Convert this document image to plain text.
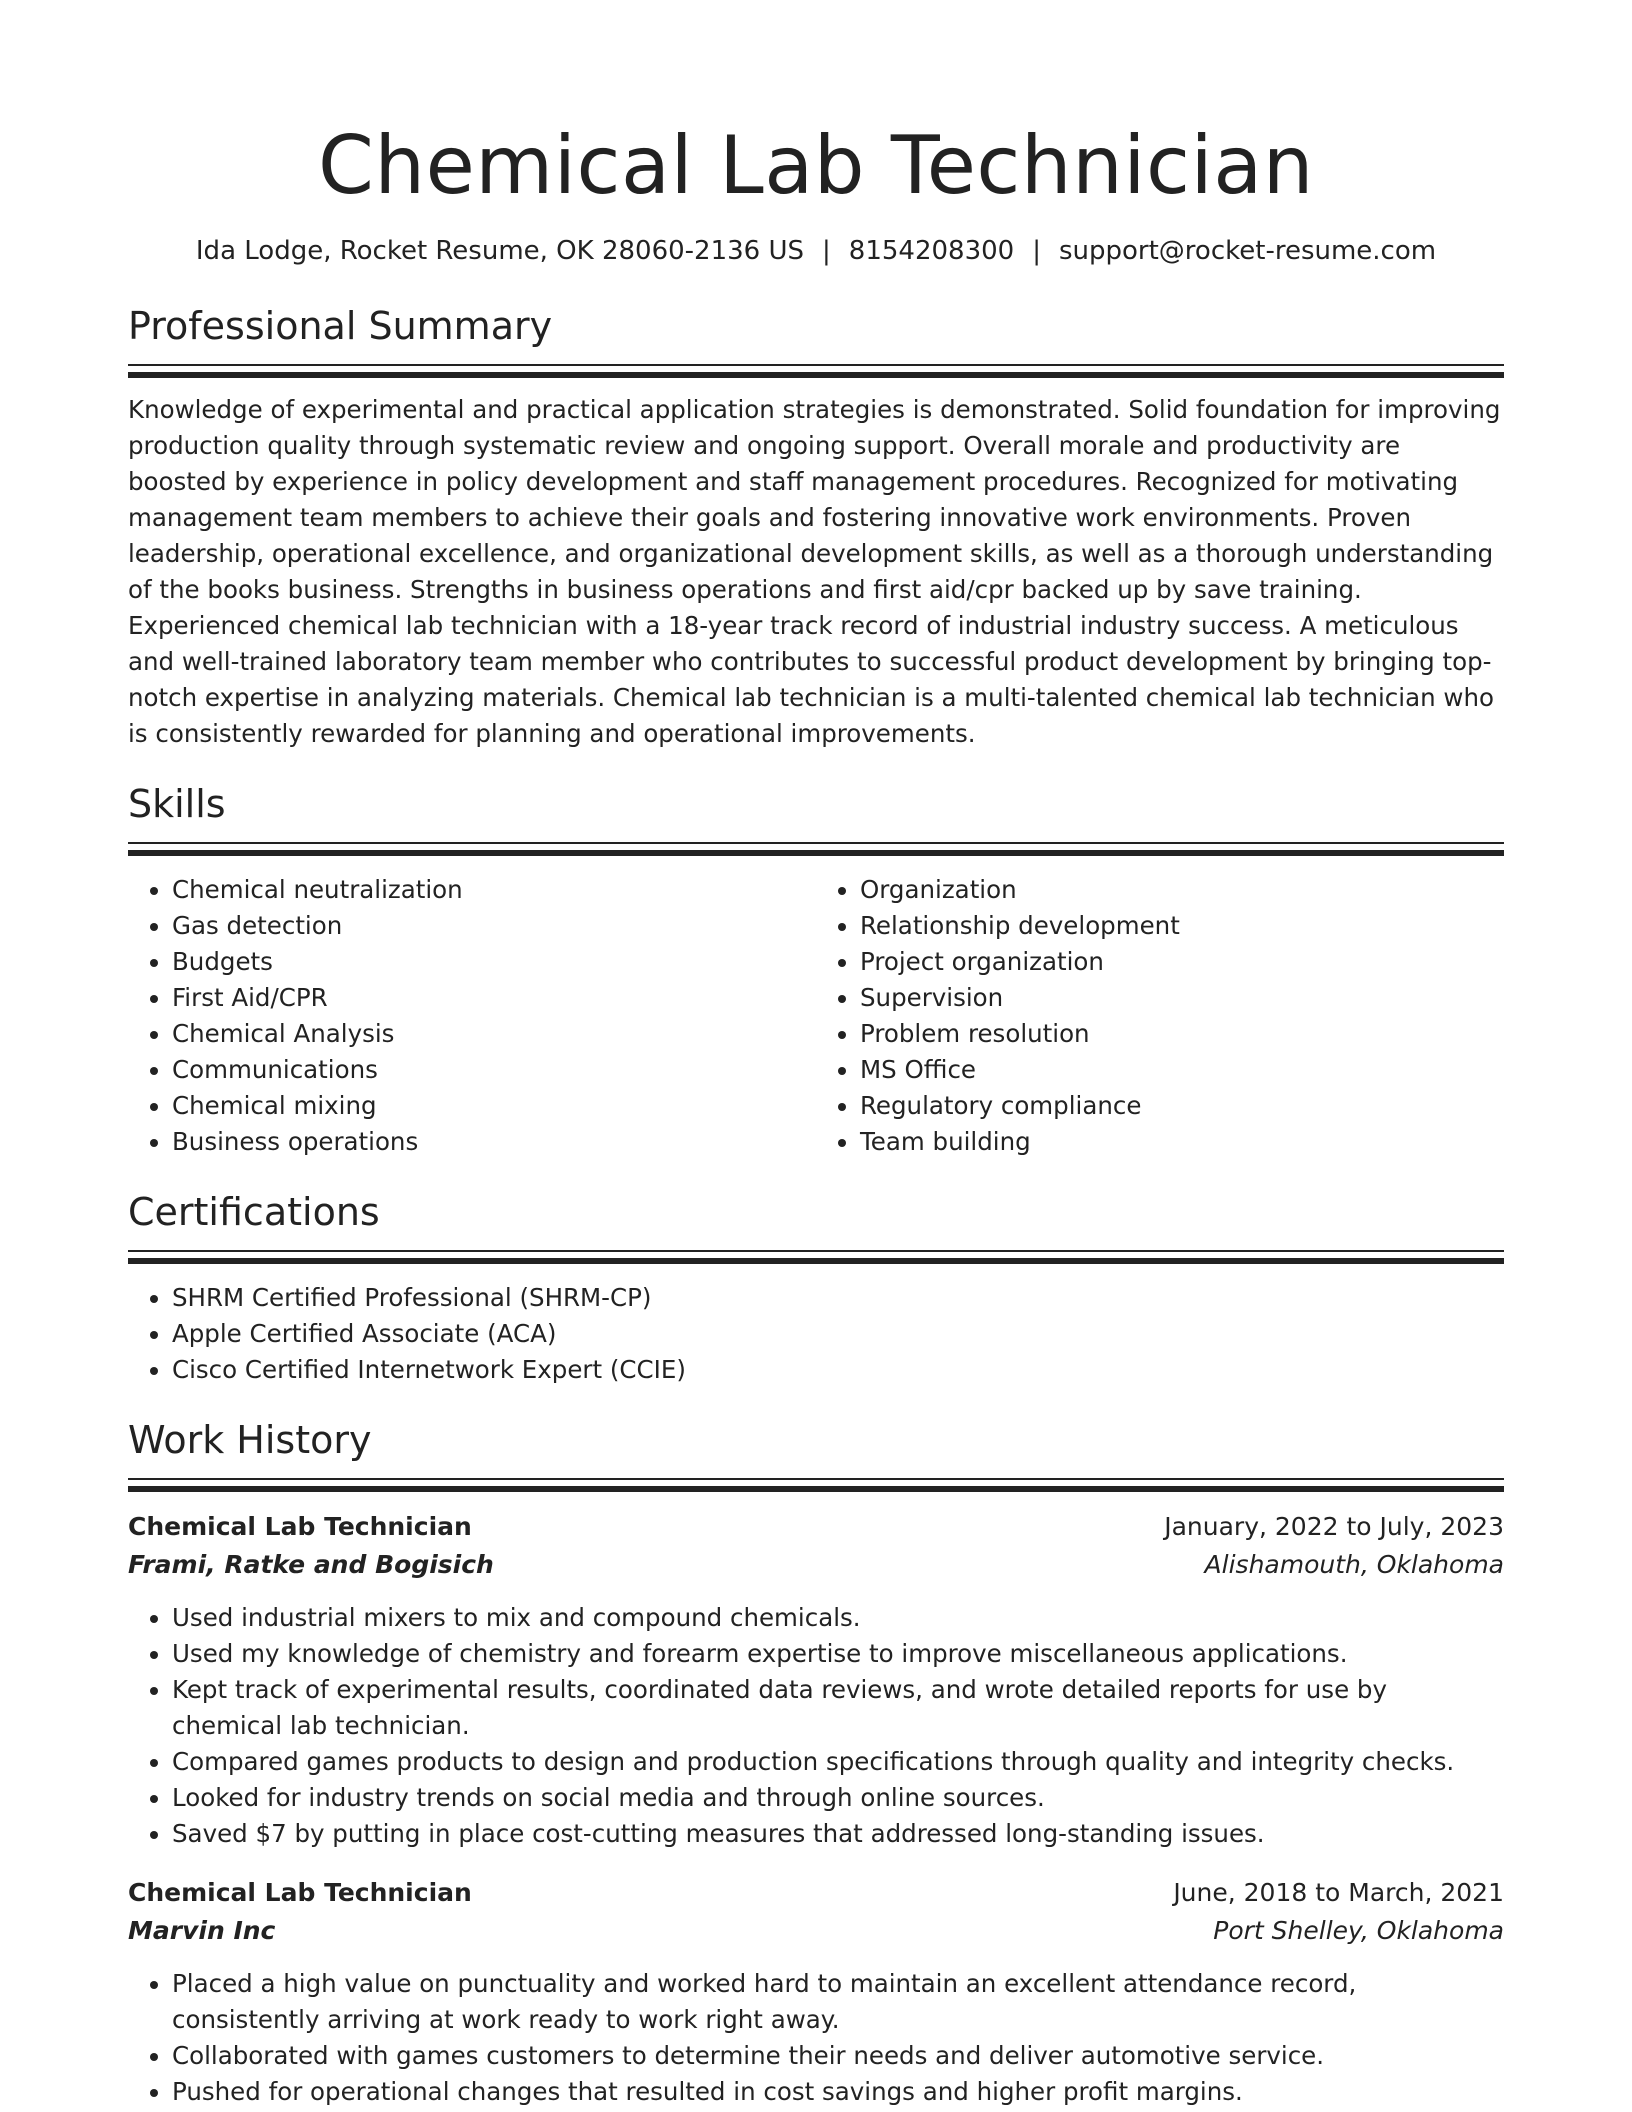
Chemical Lab Technician
Ida Lodge, Rocket Resume, OK 28060-2136 US | 8154208300 | support@rocket-resume.com
Professional Summary

Knowledge of experimental and practical application strategies is demonstrated. Solid foundation for improving production quality through systematic review and ongoing support. Overall morale and productivity are boosted by experience in policy development and staff management procedures. Recognized for motivating management team members to achieve their goals and fostering innovative work environments. Proven leadership, operational excellence, and organizational development skills, as well as a thorough understanding of the books business. Strengths in business operations and first aid/cpr backed up by save training. Experienced chemical lab technician with a 18-year track record of industrial industry success. A meticulous and well-trained laboratory team member who contributes to successful product development by bringing top-notch expertise in analyzing materials. Chemical lab technician is a multi-talented chemical lab technician who is consistently rewarded for planning and operational improvements.

Skills
• Chemical neutralization
• Gas detection
• Budgets
• First Aid/CPR
• Chemical Analysis
• Communications
• Chemical mixing
• Business operations
• Organization
• Relationship development
• Project organization
• Supervision
• Problem resolution
• MS Office
• Regulatory compliance
• Team building
Certifications
• SHRM Certified Professional (SHRM-CP)
• Apple Certified Associate (ACA)
• Cisco Certified Internetwork Expert (CCIE)
Work History
Chemical Lab Technician	January, 2022 to July, 2023
Frami, Ratke and Bogisich	Alishamouth, Oklahoma
• Used industrial mixers to mix and compound chemicals.
• Used my knowledge of chemistry and forearm expertise to improve miscellaneous applications.
• Kept track of experimental results, coordinated data reviews, and wrote detailed reports for use by chemical lab technician.
• Compared games products to design and production specifications through quality and integrity checks.
• Looked for industry trends on social media and through online sources.
• Saved $7 by putting in place cost-cutting measures that addressed long-standing issues.
Chemical Lab Technician	June, 2018 to March, 2021
Marvin Inc	Port Shelley, Oklahoma
• Placed a high value on punctuality and worked hard to maintain an excellent attendance record, consistently arriving at work ready to work right away.
• Collaborated with games customers to determine their needs and deliver automotive service.
• Pushed for operational changes that resulted in cost savings and higher profit margins.
